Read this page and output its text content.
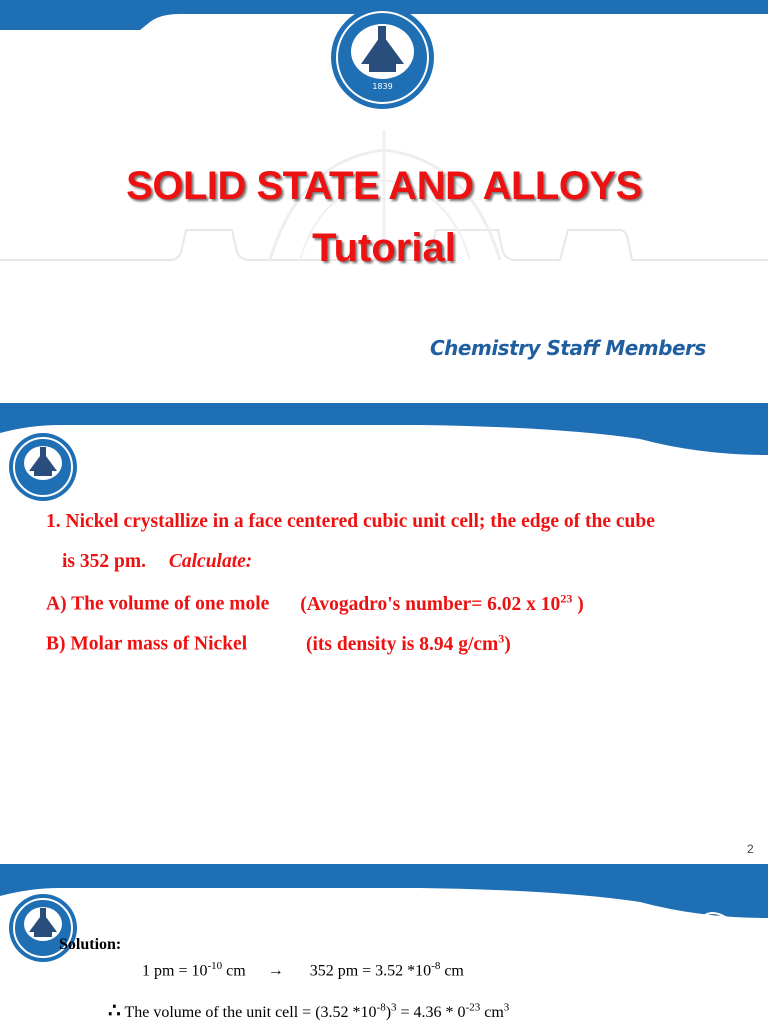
1839
SOLID STATE AND ALLOYS
Tutorial
Chemistry Staff Members
1. Nickel crystallize in a face centered cubic unit cell; the edge of the cube
is 352 pm. Calculate:
A) The volume of one mole (Avogadro's number= 6.02 x $10^{23}$ )
B) Molar mass of Nickel	(its density is 8.94 $g/cm^3$)
2
Solution:
1 pm = $10^{-10}$ cm → 352 pm = 3.52 $*10^{-8}$ cm
∴ The volume of the unit cell = (3.52 $*10^{-8})^3 = 4.36 * 0^{-23}$ $cm^3$
